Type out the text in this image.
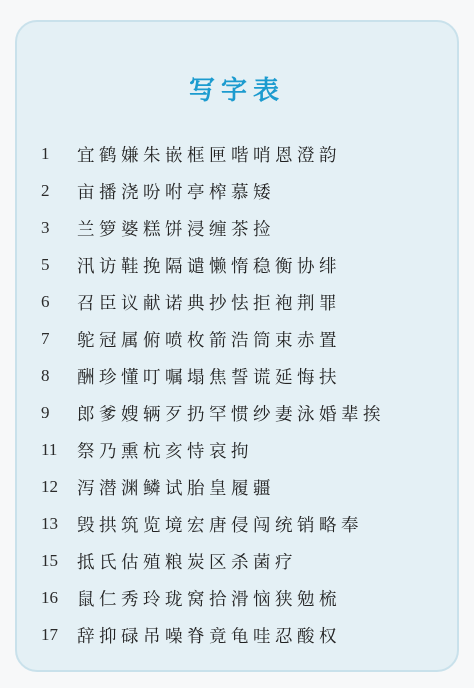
写字表
1 宜鹤嫌朱嵌框匣喈哨恩澄韵
2 亩播浇吩咐亭榨慕矮
3 兰箩婆糕饼浸缠茶捡
5 汛访鞋挽隔谴懒惰稳衡协绯
6 召臣议献诺典抄怯拒袍荆罪
7 鸵冠属俯喷枚箭浩筒束赤置
8 酬珍懂叮嘱塌焦誓谎延悔扶
9 郎爹嫂辆歹扔罕惯纱妻泳婚辈挨
11 祭乃熏杭亥恃哀拘
12 泻潜渊鳞试胎皇履疆
13 毁拱筑览境宏唐侵闯统销略奉
15 抵氏估殖粮炭区杀菌疗
16 鼠仁秀玲珑窝拾滑恼狭勉梳
17 辞抑碌吊噪脊竟龟哇忍酸权
